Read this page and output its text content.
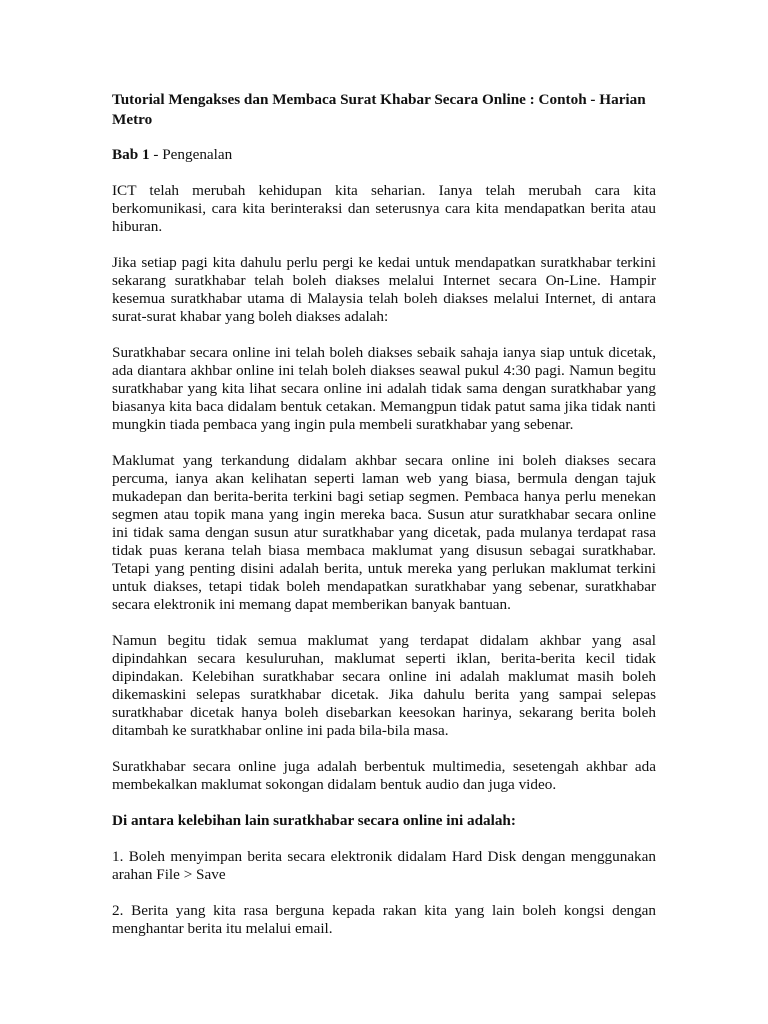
Tutorial Mengakses dan Membaca Surat Khabar Secara Online : Contoh - Harian Metro
Bab 1 - Pengenalan

ICT telah merubah kehidupan kita seharian. Ianya telah merubah cara kita berkomunikasi, cara kita berinteraksi dan seterusnya cara kita mendapatkan berita atau hiburan.

Jika setiap pagi kita dahulu perlu pergi ke kedai untuk mendapatkan suratkhabar terkini sekarang suratkhabar telah boleh diakses melalui Internet secara On-Line. Hampir kesemua suratkhabar utama di Malaysia telah boleh diakses melalui Internet, di antara surat-surat khabar yang boleh diakses adalah:

Suratkhabar secara online ini telah boleh diakses sebaik sahaja ianya siap untuk dicetak, ada diantara akhbar online ini telah boleh diakses seawal pukul 4:30 pagi. Namun begitu suratkhabar yang kita lihat secara online ini adalah tidak sama dengan suratkhabar yang biasanya kita baca didalam bentuk cetakan. Memangpun tidak patut sama jika tidak nanti mungkin tiada pembaca yang ingin pula membeli suratkhabar yang sebenar.

Maklumat yang terkandung didalam akhbar secara online ini boleh diakses secara percuma, ianya akan kelihatan seperti laman web yang biasa, bermula dengan tajuk mukadepan dan berita-berita terkini bagi setiap segmen. Pembaca hanya perlu menekan segmen atau topik mana yang ingin mereka baca. Susun atur suratkhabar secara online ini tidak sama dengan susun atur suratkhabar yang dicetak, pada mulanya terdapat rasa tidak puas kerana telah biasa membaca maklumat yang disusun sebagai suratkhabar. Tetapi yang penting disini adalah berita, untuk mereka yang perlukan maklumat terkini untuk diakses, tetapi tidak boleh mendapatkan suratkhabar yang sebenar, suratkhabar secara elektronik ini memang dapat memberikan banyak bantuan.

Namun begitu tidak semua maklumat yang terdapat didalam akhbar yang asal dipindahkan secara kesuluruhan, maklumat seperti iklan, berita-berita kecil tidak dipindakan. Kelebihan suratkhabar secara online ini adalah maklumat masih boleh dikemaskini selepas suratkhabar dicetak. Jika dahulu berita yang sampai selepas suratkhabar dicetak hanya boleh disebarkan keesokan harinya, sekarang berita boleh ditambah ke suratkhabar online ini pada bila-bila masa.

Suratkhabar secara online juga adalah berbentuk multimedia, sesetengah akhbar ada membekalkan maklumat sokongan didalam bentuk audio dan juga video.

Di antara kelebihan lain suratkhabar secara online ini adalah:

1. Boleh menyimpan berita secara elektronik didalam Hard Disk dengan menggunakan arahan File > Save

2. Berita yang kita rasa berguna kepada rakan kita yang lain boleh kongsi dengan menghantar berita itu melalui email.
